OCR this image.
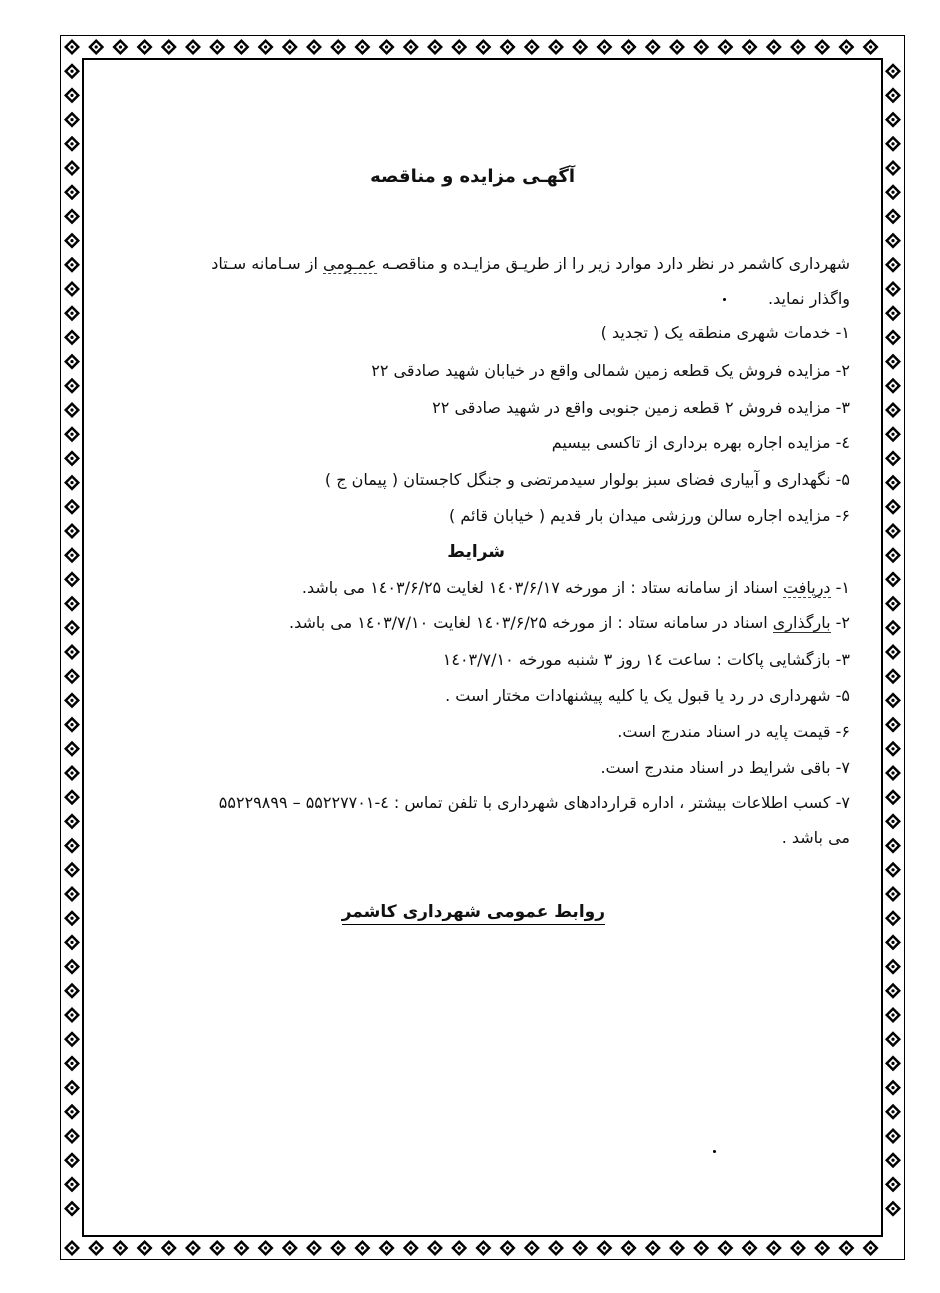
آگهـی مزایده و مناقصه

شهرداری کاشمر در نظر دارد موارد زیر را از طریـق مزایـده و مناقصـه عمـومی از سـامانه سـتاد

واگذار نماید.

۱- خدمات شهری منطقه یک ( تجدید )

۲- مزایده فروش یک قطعه زمین شمالی واقع در خیابان شهید صادقی ۲۲

۳- مزایده فروش ۲ قطعه زمین جنوبی واقع در شهید صادقی ۲۲

٤- مزایده اجاره بهره برداری از تاکسی بیسیم

۵- نگهداری و آبیاری فضای سبز بولوار سیدمرتضی و جنگل کاجستان ( پیمان ج )

۶- مزایده اجاره سالن ورزشی میدان بار قدیم ( خیابان قائم )

شرایط

۱- دریافت اسناد از سامانه ستاد : از مورخه ۱٤۰۳/۶/۱۷ لغایت ۱٤۰۳/۶/۲۵ می باشد.

۲- بارگذاری اسناد در سامانه ستاد : از مورخه ۱٤۰۳/۶/۲۵ لغایت ۱٤۰۳/۷/۱۰ می باشد.

۳- بازگشایی پاکات : ساعت ۱٤ روز ۳ شنبه مورخه ۱٤۰۳/۷/۱۰

۵- شهرداری در رد یا قبول یک یا کلیه پیشنهادات مختار است .

۶- قیمت پایه در اسناد مندرج است.

۷- باقی شرایط در اسناد مندرج است.

۷- کسب اطلاعات بیشتر ، اداره قراردادهای شهرداری با تلفن تماس : ٤-۵۵۲۲۷۷۰۱ – ۵۵۲۲۹۸۹۹

می باشد .

روابط عمومی شهرداری کاشمر
